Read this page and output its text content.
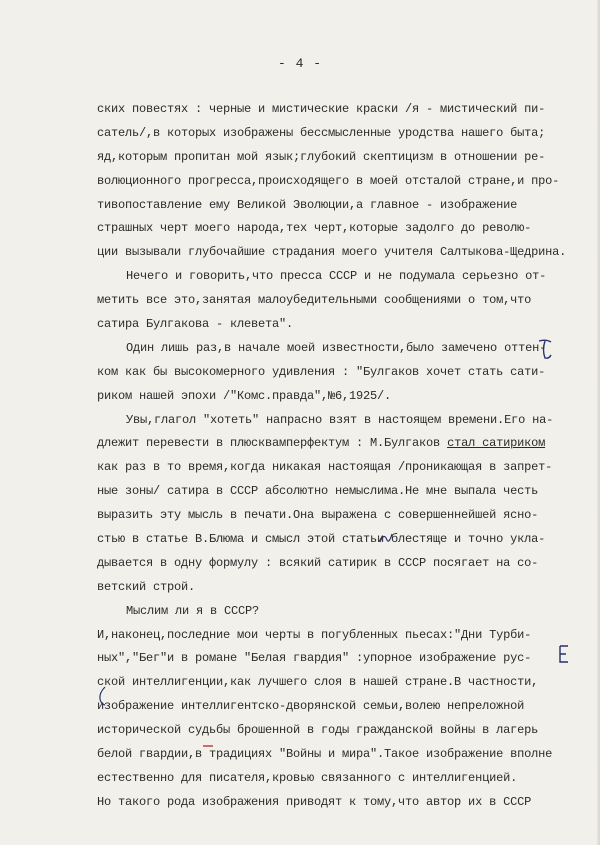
- 4 -
ских повестях : черные и мистические краски /я - мистический пи-
сатель/,в которых изображены бессмысленные уродства нашего быта;
яд,которым пропитан мой язык;глубокий скептицизм в отношении ре-
волюционного прогресса,происходящего в моей отсталой стране,и про-
тивопоставление ему Великой Эволюции,а главное - изображение
страшных черт моего народа,тех черт,которые задолго до револю-
ции вызывали глубочайшие страдания моего учителя Салтыкова-Щедрина.
Нечего и говорить,что пресса СССР и не подумала серьезно от-
метить все это,занятая малоубедительными сообщениями о том,что
сатира Булгакова - клевета".
Один лишь раз,в начале моей известности,было замечено оттен-
ком как бы высокомерного удивления : "Булгаков хочет стать сати-
риком нашей эпохи /"Комс.правда",№6,1925/.
Увы,глагол "хотеть" напрасно взят в настоящем времени.Его на-
длежит перевести в плюсквамперфектум : М.Булгаков стал сатириком
как раз в то время,когда никакая настоящая /проникающая в запрет-
ные зоны/ сатира в СССР абсолютно немыслима.Не мне выпала честь
выразить эту мысль в печати.Она выражена с совершеннейшей ясно-
стью в статье В.Блюма и смысл этой статьи блестяще и точно укла-
дывается в одну формулу : всякий сатирик в СССР посягает на со-
ветский строй.
Мыслим ли я в СССР?
И,наконец,последние мои черты в погубленных пьесах:"Дни Турби-
ных","Бег"и в романе "Белая гвардия" :упорное изображение рус-
ской интеллигенции,как лучшего слоя в нашей стране.В частности,
изображение интеллигентско-дворянской семьи,волею непреложной
исторической судьбы брошенной в годы гражданской войны в лагерь
белой гвардии,в традициях "Войны и мира".Такое изображение вполне
естественно для писателя,кровью связанного с интеллигенцией.
Но такого рода изображения приводят к тому,что автор их в СССР
